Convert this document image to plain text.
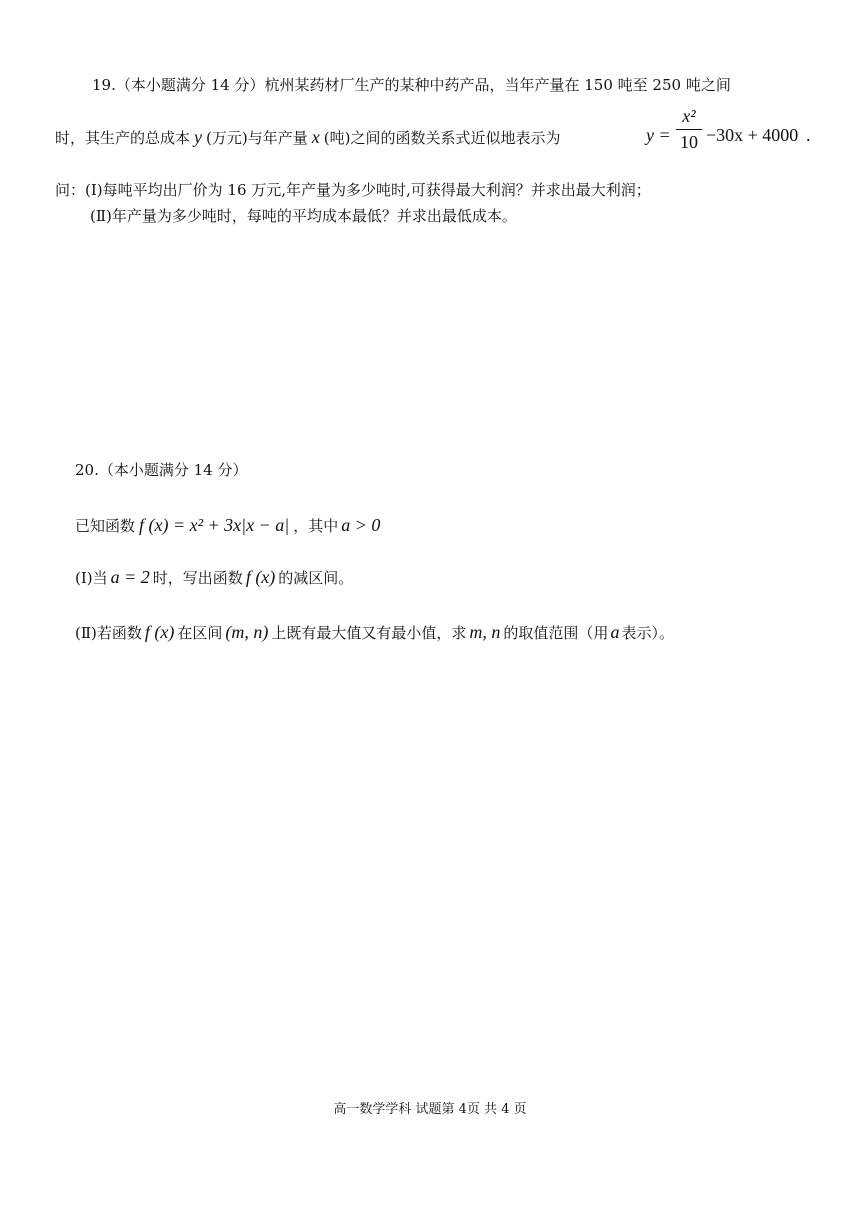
19.（本小题满分 14 分）杭州某药材厂生产的某种中药产品，当年产量在 150 吨至 250 吨之间
时，其生产的总成本 y (万元)与年产量 x (吨)之间的函数关系式近似地表示为	y =
x²
10 −30x + 4000 .
问：(Ⅰ)每吨平均出厂价为 16 万元,年产量为多少吨时,可获得最大利润？并求出最大利润；
(Ⅱ)年产量为多少吨时，每吨的平均成本最低？并求出最低成本。
20.（本小题满分 14 分）
已知函数 f (x) = x² + 3x|x − a| ，其中 a > 0
(Ⅰ)当 a = 2 时，写出函数 f (x) 的减区间。
(Ⅱ)若函数 f (x) 在区间 (m, n) 上既有最大值又有最小值，求 m, n 的取值范围（用 a 表示）。
高一数学学科 试题第 4页 共 4 页
